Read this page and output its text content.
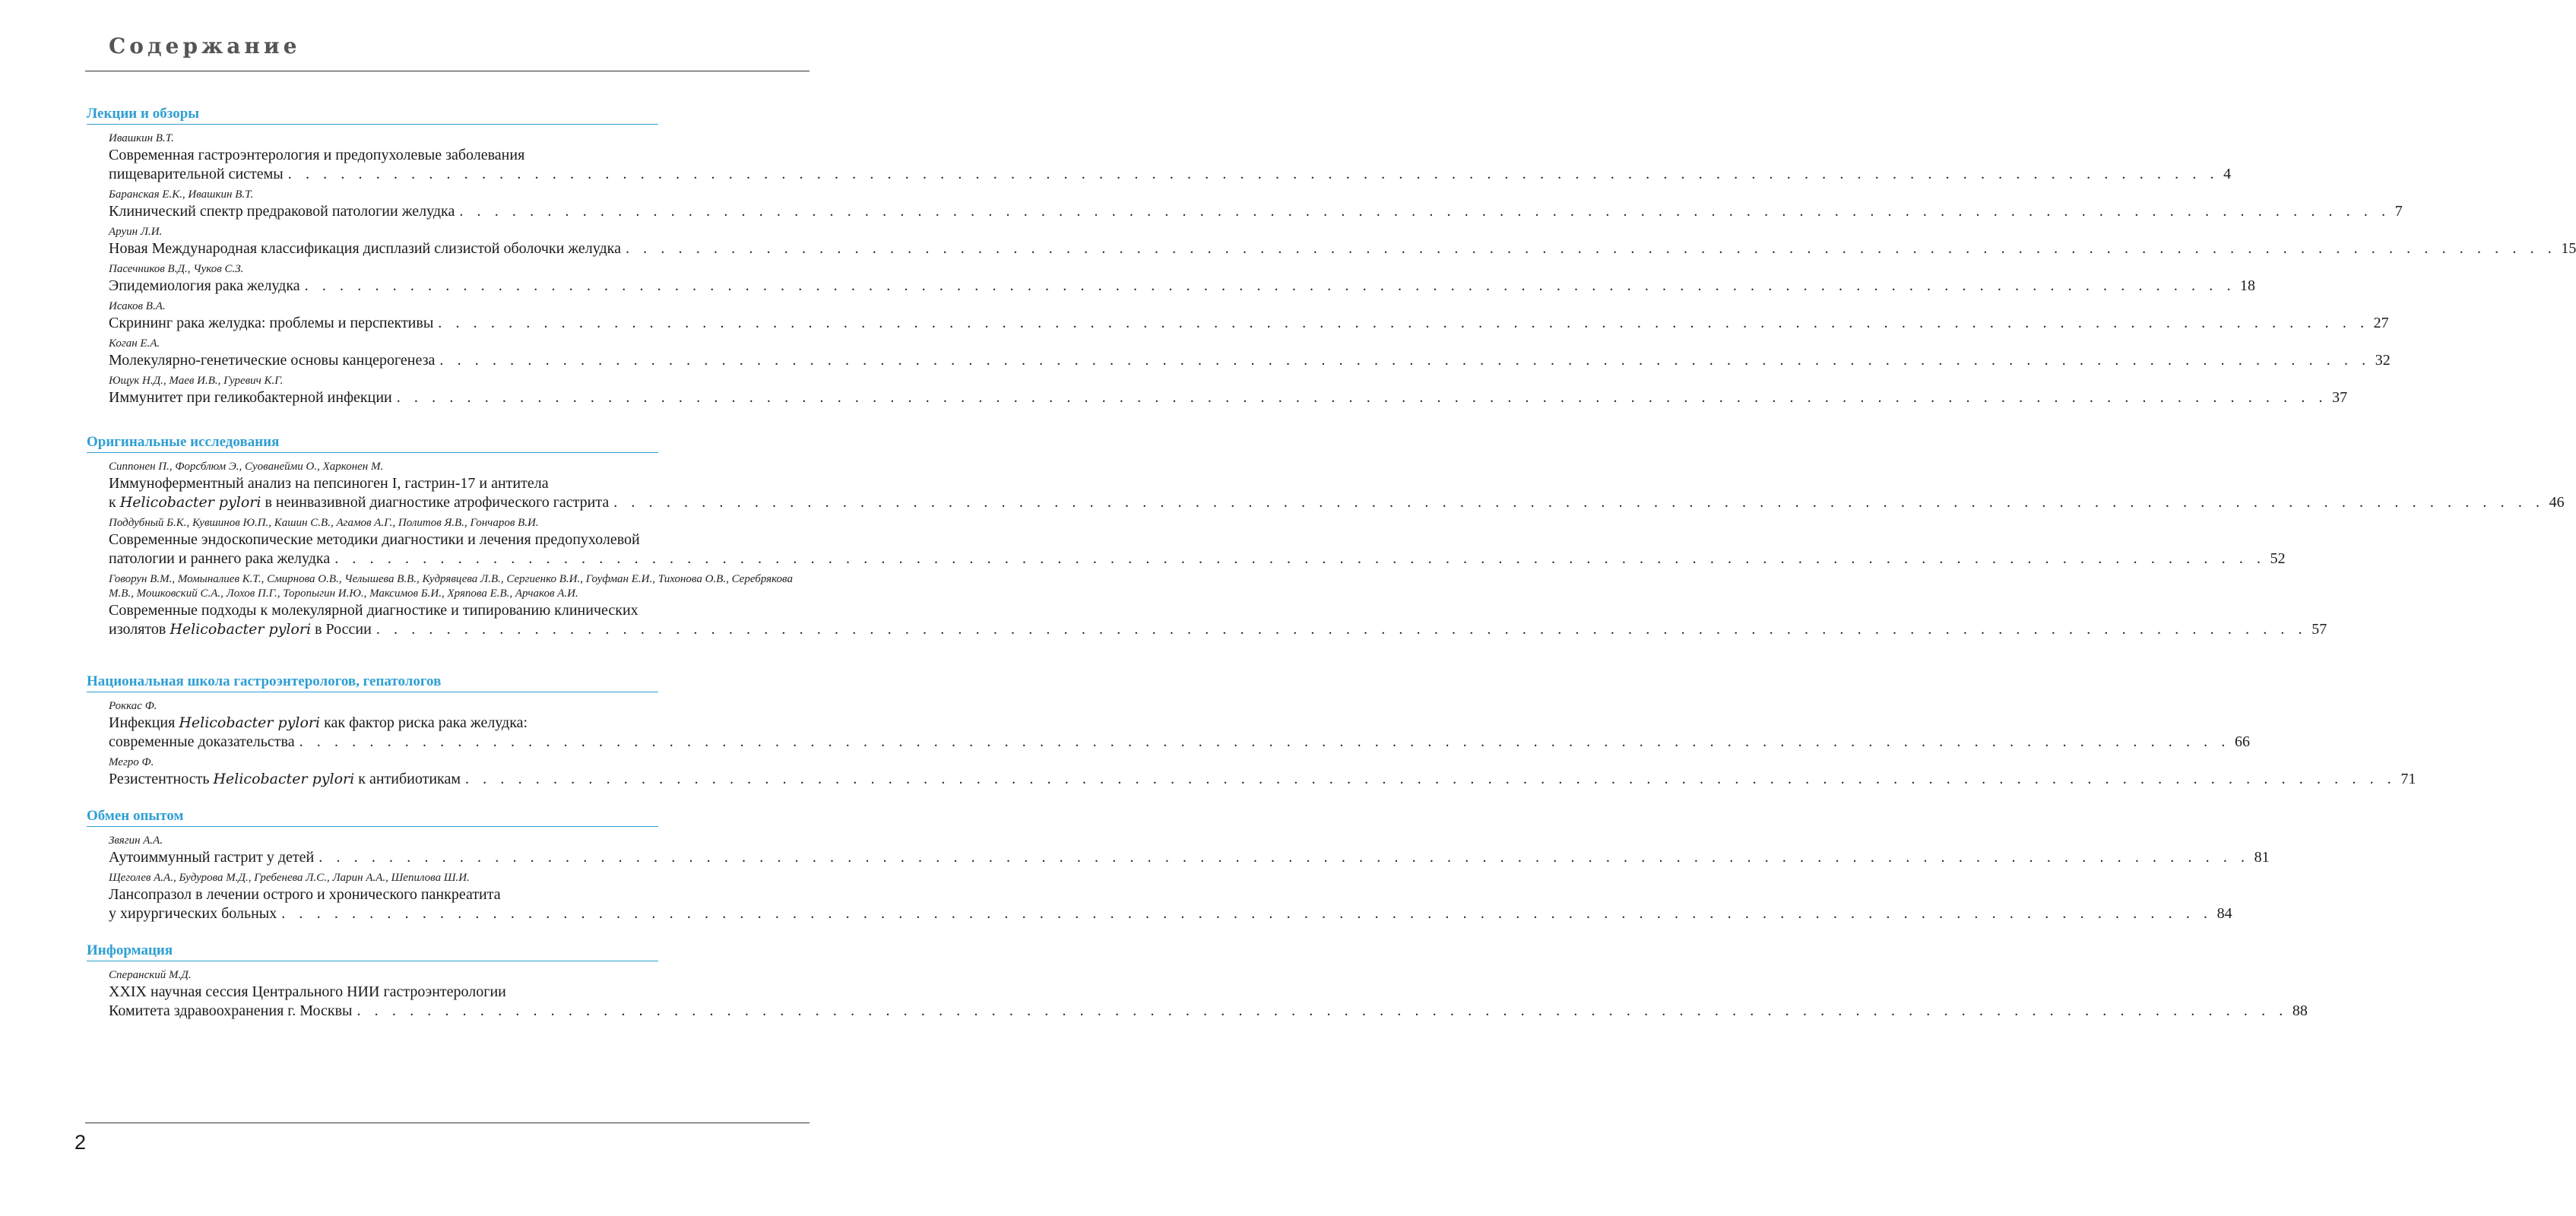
Содержание
Лекции и обзоры
Ивашкин В.Т.
Современная гастроэнтерология и предопухолевые заболевания
пищеварительной системы . . . . . . . . . . . . . . . . . . . . . . . . . . . . . . . . . . . . . . . . . . . . . . . . . . . . . . . . . . . . . . . . . . . . . . . . . . . . . . . . . . . . . . . . . . . . . . . . . . . . . . . . . . . . . . 4
Баранская Е.К., Ивашкин В.Т.
Клинический спектр предраковой патологии желудка . . . . . . . . . . . . . . . . . . . . . . . . . . . . . . . . . . . . . . . . . . . . . . . . . . . . . . . . . . . . . . . . . . . . . . . . . . . . . . . . . . . . . . . . . . . . . . . . . . . . . . . . . . . . . . 7
Аруин Л.И.
Новая Международная классификация дисплазий слизистой оболочки желудка . . . . . . . . . . . . . . . . . . . . . . . . . . . . . . . . . . . . . . . . . . . . . . . . . . . . . . . . . . . . . . . . . . . . . . . . . . . . . . . . . . . . . . . . . . . . . . . . . . . . . . . . . . . . . . 15
Пасечников В.Д., Чуков С.З.
Эпидемиология рака желудка . . . . . . . . . . . . . . . . . . . . . . . . . . . . . . . . . . . . . . . . . . . . . . . . . . . . . . . . . . . . . . . . . . . . . . . . . . . . . . . . . . . . . . . . . . . . . . . . . . . . . . . . . . . . . . 18
Исаков В.А.
Скрининг рака желудка: проблемы и перспективы . . . . . . . . . . . . . . . . . . . . . . . . . . . . . . . . . . . . . . . . . . . . . . . . . . . . . . . . . . . . . . . . . . . . . . . . . . . . . . . . . . . . . . . . . . . . . . . . . . . . . . . . . . . . . . 27
Коган Е.А.
Молекулярно-генетические основы канцерогенеза . . . . . . . . . . . . . . . . . . . . . . . . . . . . . . . . . . . . . . . . . . . . . . . . . . . . . . . . . . . . . . . . . . . . . . . . . . . . . . . . . . . . . . . . . . . . . . . . . . . . . . . . . . . . . . 32
Ющук Н.Д., Маев И.В., Гуревич К.Г.
Иммунитет при геликобактерной инфекции . . . . . . . . . . . . . . . . . . . . . . . . . . . . . . . . . . . . . . . . . . . . . . . . . . . . . . . . . . . . . . . . . . . . . . . . . . . . . . . . . . . . . . . . . . . . . . . . . . . . . . . . . . . . . . 37
Оригинальные исследования
Сиппонен П., Форсблюм Э., Суованейми О., Харконен М.
Иммуноферментный анализ на пепсиноген I, гастрин-17 и антитела
к Helicobacter pylori в неинвазивной диагностике атрофического гастрита . . . . . . . . . . . . . . . . . . . . . . . . . . . . . . . . . . . . . . . . . . . . . . . . . . . . . . . . . . . . . . . . . . . . . . . . . . . . . . . . . . . . . . . . . . . . . . . . . . . . . . . . . . . . . . 46
Поддубный Б.К., Кувшинов Ю.П., Кашин С.В., Агамов А.Г., Политов Я.В., Гончаров В.И.
Современные эндоскопические методики диагностики и лечения предопухолевой
патологии и раннего рака желудка . . . . . . . . . . . . . . . . . . . . . . . . . . . . . . . . . . . . . . . . . . . . . . . . . . . . . . . . . . . . . . . . . . . . . . . . . . . . . . . . . . . . . . . . . . . . . . . . . . . . . . . . . . . . . . 52
Говорун В.М., Момыналиев К.Т., Смирнова О.В., Челышева В.В., Кудрявцева Л.В., Сергиенко В.И., Гоуфман Е.И., Тихонова О.В., Серебрякова М.В., Мошковский С.А., Лохов П.Г., Торопыгин И.Ю., Максимов Б.И., Хряпова Е.В., Арчаков А.И.
Современные подходы к молекулярной диагностике и типированию клинических
изолятов Helicobacter pylori в России . . . . . . . . . . . . . . . . . . . . . . . . . . . . . . . . . . . . . . . . . . . . . . . . . . . . . . . . . . . . . . . . . . . . . . . . . . . . . . . . . . . . . . . . . . . . . . . . . . . . . . . . . . . . . . 57
Национальная школа гастроэнтерологов, гепатологов
Роккас Ф.
Инфекция Helicobacter pylori как фактор риска рака желудка:
современные доказательства . . . . . . . . . . . . . . . . . . . . . . . . . . . . . . . . . . . . . . . . . . . . . . . . . . . . . . . . . . . . . . . . . . . . . . . . . . . . . . . . . . . . . . . . . . . . . . . . . . . . . . . . . . . . . . 66
Мегро Ф.
Резистентность Helicobacter pylori к антибиотикам . . . . . . . . . . . . . . . . . . . . . . . . . . . . . . . . . . . . . . . . . . . . . . . . . . . . . . . . . . . . . . . . . . . . . . . . . . . . . . . . . . . . . . . . . . . . . . . . . . . . . . . . . . . . . . 71
Обмен опытом
Звягин А.А.
Аутоиммунный гастрит у детей . . . . . . . . . . . . . . . . . . . . . . . . . . . . . . . . . . . . . . . . . . . . . . . . . . . . . . . . . . . . . . . . . . . . . . . . . . . . . . . . . . . . . . . . . . . . . . . . . . . . . . . . . . . . . . 81
Щеголев А.А., Будурова М.Д., Гребенева Л.С., Ларин А.А., Шепилова Ш.И.
Лансопразол в лечении острого и хронического панкреатита
у хирургических больных . . . . . . . . . . . . . . . . . . . . . . . . . . . . . . . . . . . . . . . . . . . . . . . . . . . . . . . . . . . . . . . . . . . . . . . . . . . . . . . . . . . . . . . . . . . . . . . . . . . . . . . . . . . . . . 84
Информация
Сперанский М.Д.
XXIX научная сессия Центрального НИИ гастроэнтерологии
Комитета здравоохранения г. Москвы . . . . . . . . . . . . . . . . . . . . . . . . . . . . . . . . . . . . . . . . . . . . . . . . . . . . . . . . . . . . . . . . . . . . . . . . . . . . . . . . . . . . . . . . . . . . . . . . . . . . . . . . . . . . . . 88
2
